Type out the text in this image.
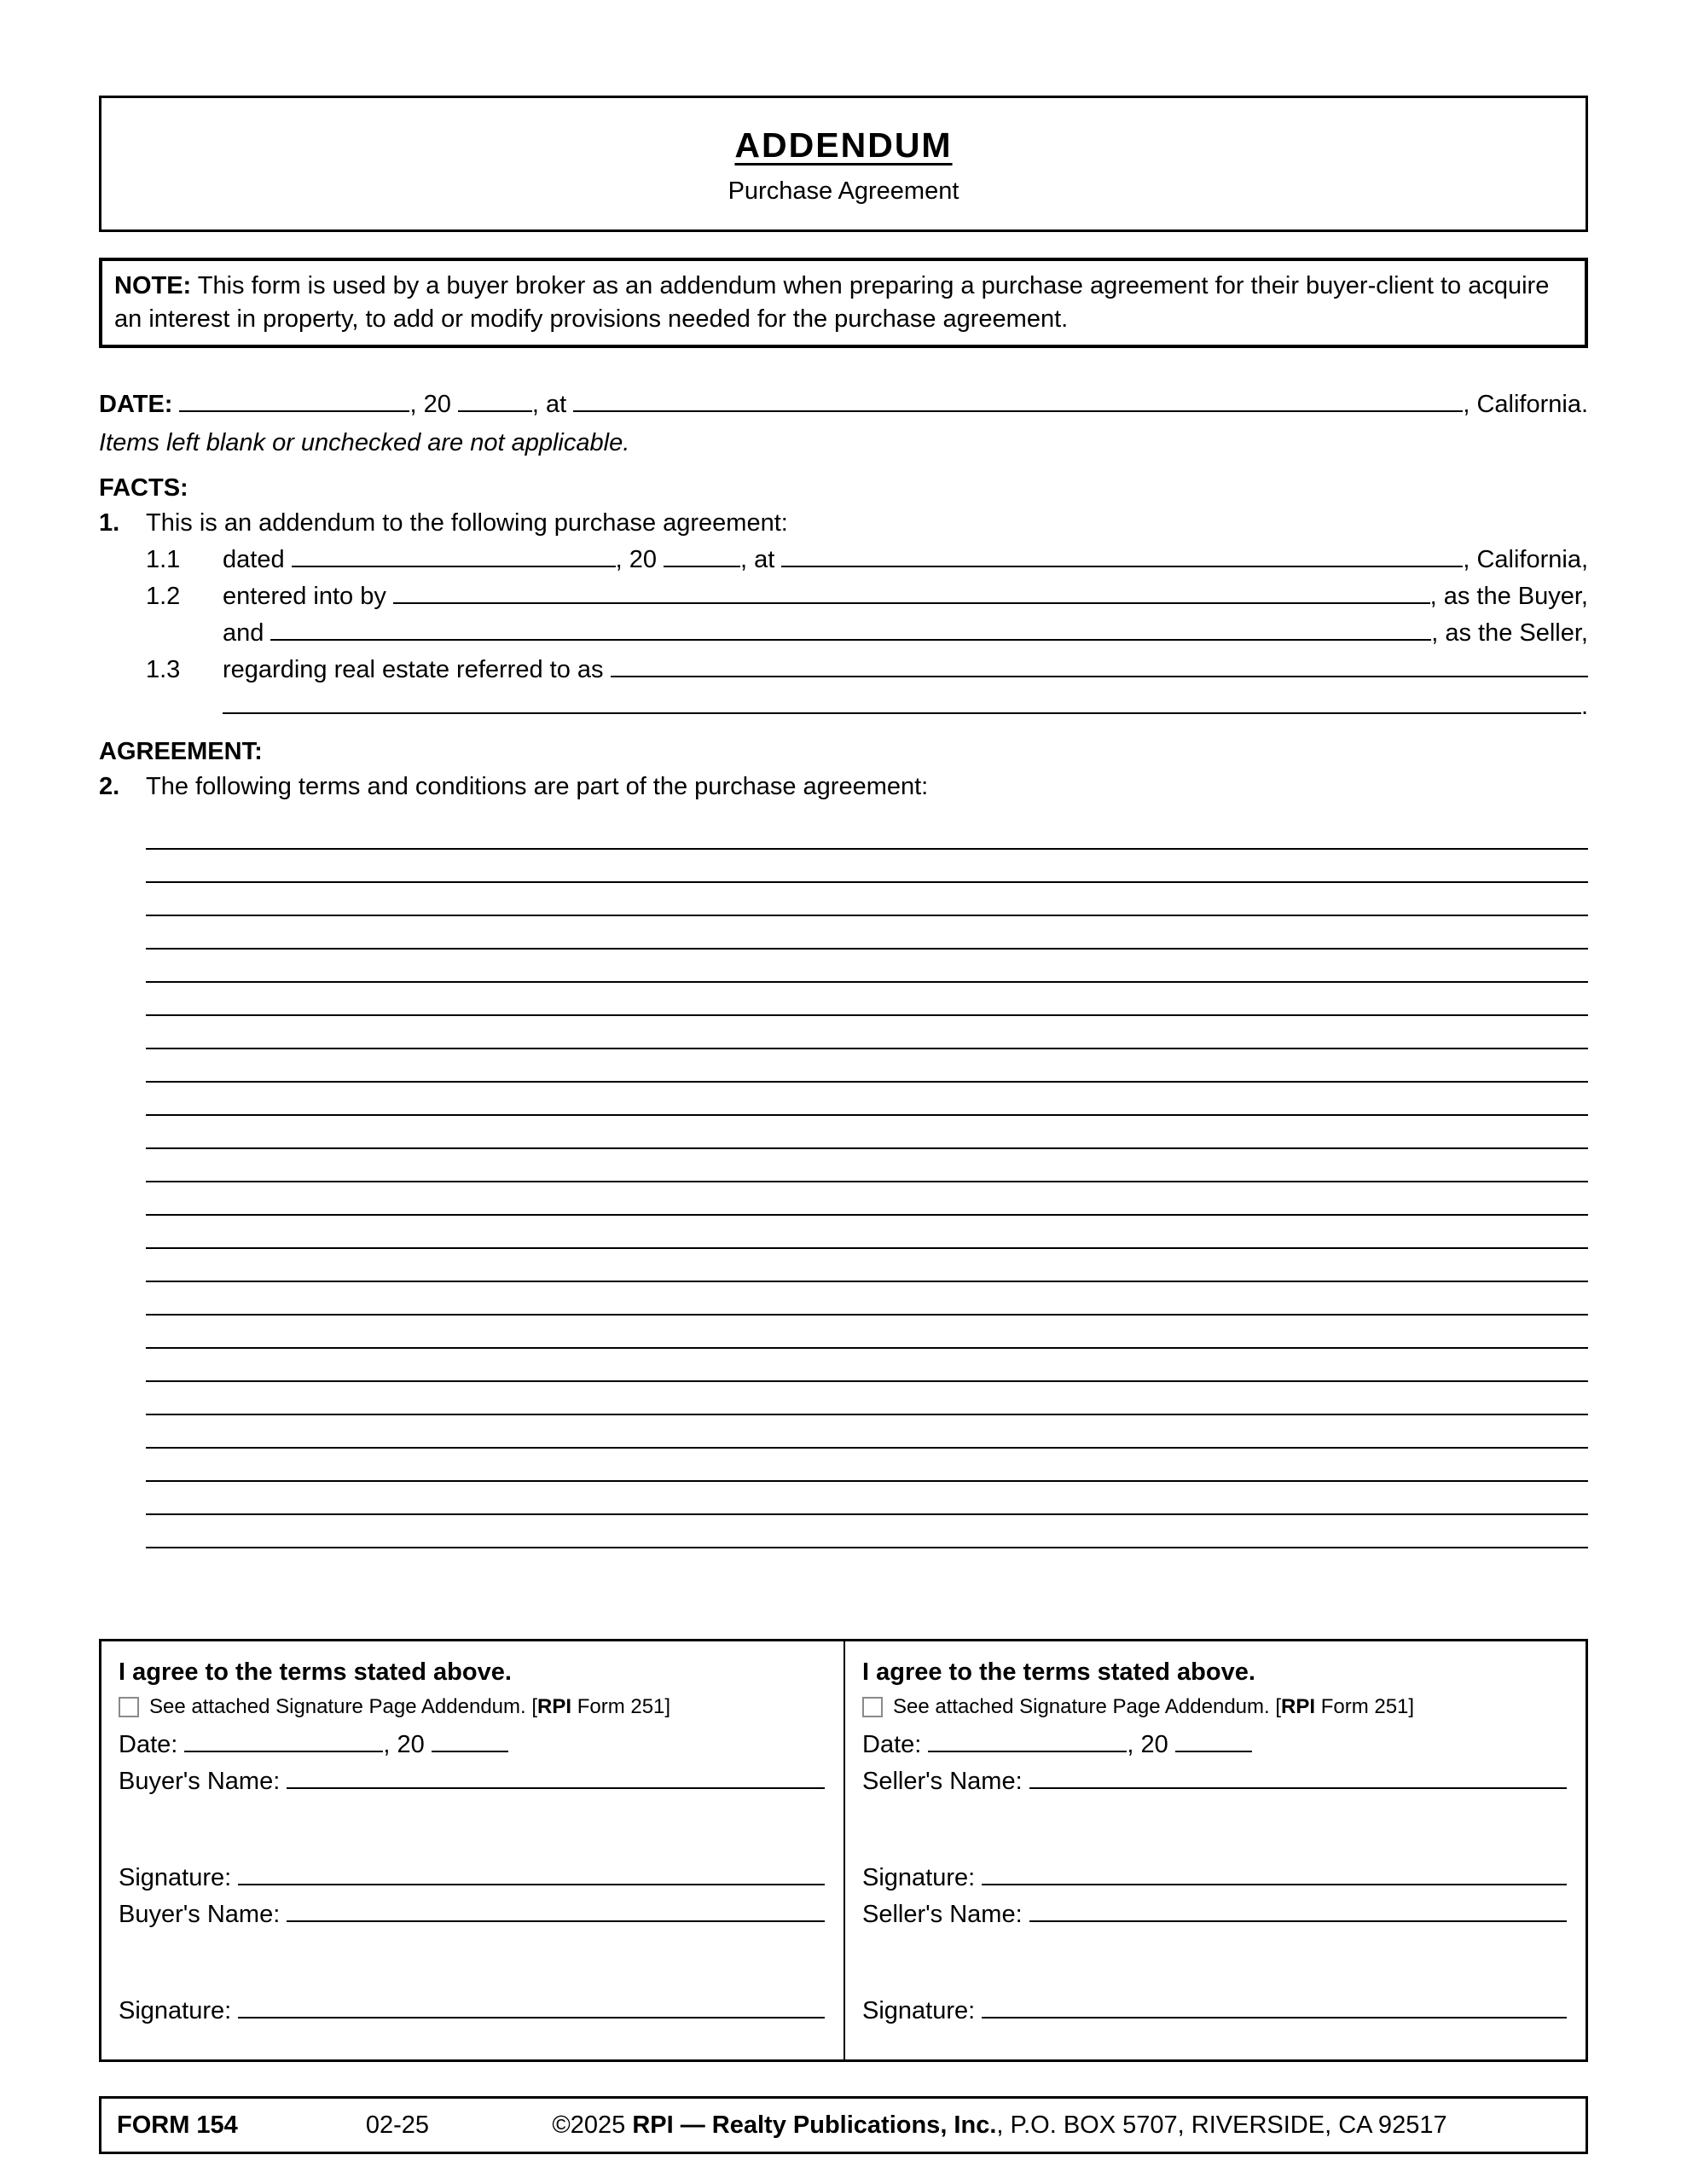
ADDENDUM
Purchase Agreement
NOTE: This form is used by a buyer broker as an addendum when preparing a purchase agreement for their buyer-client to acquire an interest in property, to add or modify provisions needed for the purchase agreement.
DATE:	, 20	, at	, California.
Items left blank or unchecked are not applicable.
FACTS:
1.	This is an addendum to the following purchase agreement:
1.1	dated	, 20	, at	, California,
1.2	entered into by	, as the Buyer,
and	, as the Seller,
1.3	regarding real estate referred to as
.
AGREEMENT:
2.	The following terms and conditions are part of the purchase agreement:
I agree to the terms stated above.
See attached Signature Page Addendum. [RPI Form 251]
Date:	, 20
Buyer's Name:
Signature:
Buyer's Name:
Signature:
I agree to the terms stated above.
See attached Signature Page Addendum. [RPI Form 251]
Date:	, 20
Seller's Name:
Signature:
Seller's Name:
Signature:
FORM 154	02-25	©2025 RPI — Realty Publications, Inc., P.O. BOX 5707, RIVERSIDE, CA 92517
